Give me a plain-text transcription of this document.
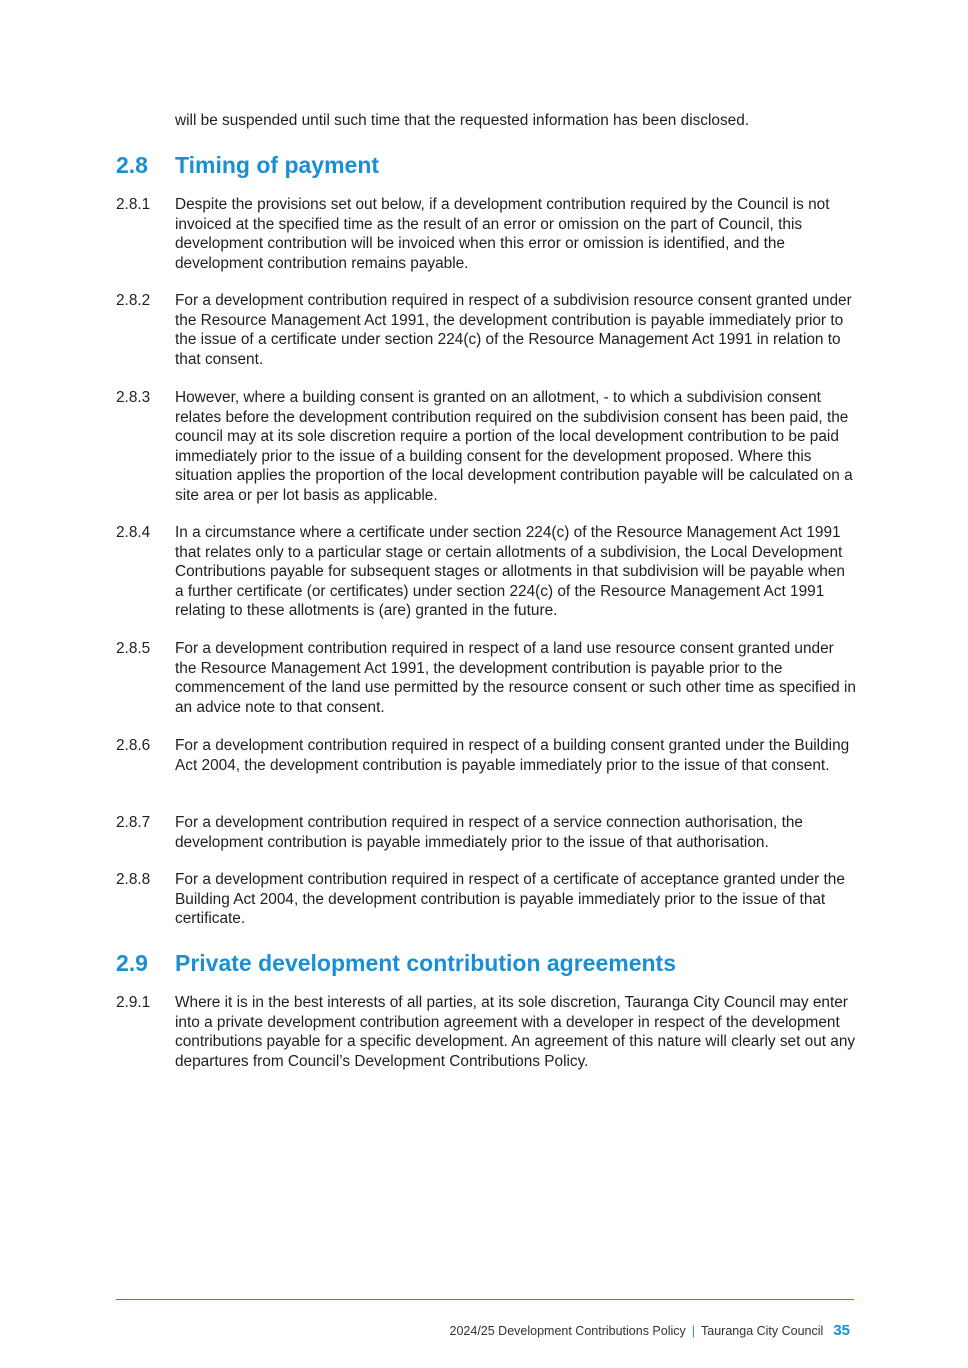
will be suspended until such time that the requested information has been disclosed.

2.8 Timing of payment
2.8.1 Despite the provisions set out below, if a development contribution required by the Council is not invoiced at the specified time as the result of an error or omission on the part of Council, this development contribution will be invoiced when this error or omission is identified, and the development contribution remains payable.

2.8.2 For a development contribution required in respect of a subdivision resource consent granted under the Resource Management Act 1991, the development contribution is payable immediately prior to the issue of a certificate under section 224(c) of the Resource Management Act 1991 in relation to that consent.

2.8.3 However, where a building consent is granted on an allotment, - to which a subdivision consent relates before the development contribution required on the subdivision consent has been paid, the council may at its sole discretion require a portion of the local development contribution to be paid immediately prior to the issue of a building consent for the development proposed. Where this situation applies the proportion of the local development contribution payable will be calculated on a site area or per lot basis as applicable.

2.8.4 In a circumstance where a certificate under section 224(c) of the Resource Management Act 1991 that relates only to a particular stage or certain allotments of a subdivision, the Local Development Contributions payable for subsequent stages or allotments in that subdivision will be payable when a further certificate (or certificates) under section 224(c) of the Resource Management Act 1991 relating to these allotments is (are) granted in the future.

2.8.5 For a development contribution required in respect of a land use resource consent granted under the Resource Management Act 1991, the development contribution is payable prior to the commencement of the land use permitted by the resource consent or such other time as specified in an advice note to that consent.

2.8.6 For a development contribution required in respect of a building consent granted under the Building Act 2004, the development contribution is payable immediately prior to the issue of that consent.

2.8.7 For a development contribution required in respect of a service connection authorisation, the development contribution is payable immediately prior to the issue of that authorisation.

2.8.8 For a development contribution required in respect of a certificate of acceptance granted under the Building Act 2004, the development contribution is payable immediately prior to the issue of that certificate.

2.9 Private development contribution agreements
2.9.1 Where it is in the best interests of all parties, at its sole discretion, Tauranga City Council may enter into a private development contribution agreement with a developer in respect of the development contributions payable for a specific development. An agreement of this nature will clearly set out any departures from Council’s Development Contributions Policy.

2024/25 Development Contributions Policy | Tauranga City Council 35
